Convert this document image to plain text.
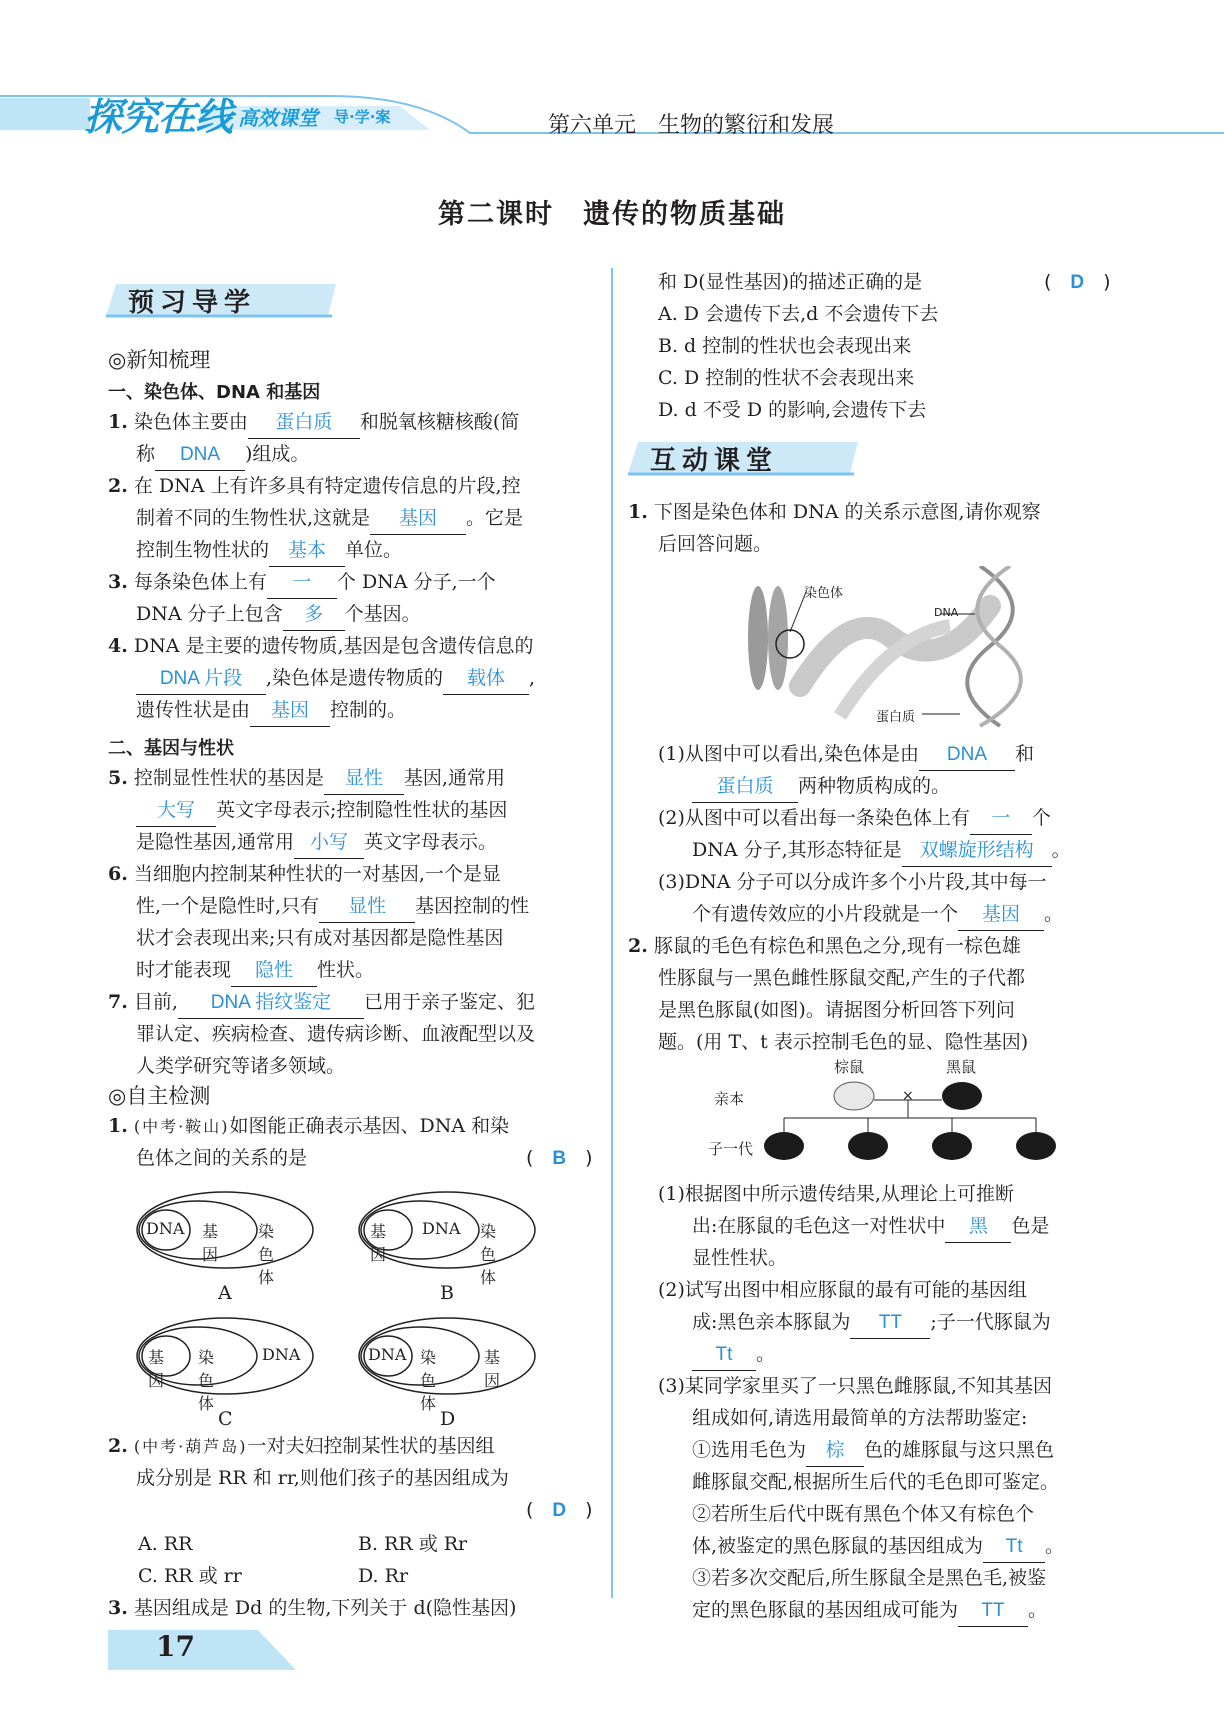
探究在线 高效课堂 导·学·案	第六单元　生物的繁衍和发展
第二课时　遗传的物质基础
预习导学
◎新知梳理
一、染色体、DNA 和基因
1. 染色体主要由 蛋白质 和脱氧核糖核酸(简
称 DNA )组成。
2. 在 DNA 上有许多具有特定遗传信息的片段,控
制着不同的生物性状,这就是 基因 。它是
控制生物性状的 基本 单位。
3. 每条染色体上有 一 个 DNA 分子,一个
DNA 分子上包含 多 个基因。
4. DNA 是主要的遗传物质,基因是包含遗传信息的
DNA 片段 ,染色体是遗传物质的 载体 ,
遗传性状是由 基因 控制的。
二、基因与性状
5. 控制显性性状的基因是 显性 基因,通常用
大写 英文字母表示;控制隐性性状的基因
是隐性基因,通常用 小写 英文字母表示。
6. 当细胞内控制某种性状的一对基因,一个是显
性,一个是隐性时,只有 显性 基因控制的性
状才会表现出来;只有成对基因都是隐性基因
时才能表现 隐性 性状。
7. 目前, DNA 指纹鉴定 已用于亲子鉴定、犯
罪认定、疾病检查、遗传病诊断、血液配型以及
人类学研究等诸多领域。
◎自主检测
1. (中考·鞍山)如图能正确表示基因、DNA 和染
色体之间的关系的是	(　B　)
DNA 基因
染色体
A
基因
DNA 染色体
B
基因
染色体
DNA
C
DNA 染色体
基因
D
2. (中考·葫芦岛)一对夫妇控制某性状的基因组
成分别是 RR 和 rr,则他们孩子的基因组成为
(　D　)
A. RR	B. RR 或 Rr
C. RR 或 rr	D. Rr
3. 基因组成是 Dd 的生物,下列关于 d(隐性基因)
和 D(显性基因)的描述正确的是	(　D　)
A. D 会遗传下去,d 不会遗传下去
B. d 控制的性状也会表现出来
C. D 控制的性状不会表现出来
D. d 不受 D 的影响,会遗传下去
互动课堂
1. 下图是染色体和 DNA 的关系示意图,请你观察
后回答问题。
染色体
DNA
蛋白质
(1)从图中可以看出,染色体是由 DNA 和
蛋白质 两种物质构成的。
(2)从图中可以看出每一条染色体上有 一 个
DNA 分子,其形态特征是 双螺旋形结构 。
(3)DNA 分子可以分成许多个小片段,其中每一
个有遗传效应的小片段就是一个 基因 。
2. 豚鼠的毛色有棕色和黑色之分,现有一棕色雄
性豚鼠与一黑色雌性豚鼠交配,产生的子代都
是黑色豚鼠(如图)。请据图分析回答下列问
题。(用 T、t 表示控制毛色的显、隐性基因)
棕鼠	黑鼠
亲本	×
子一代
(1)根据图中所示遗传结果,从理论上可推断
出:在豚鼠的毛色这一对性状中 黑 色是
显性性状。
(2)试写出图中相应豚鼠的最有可能的基因组
成:黑色亲本豚鼠为 TT ;子一代豚鼠为
Tt 。
(3)某同学家里买了一只黑色雌豚鼠,不知其基因
组成如何,请选用最简单的方法帮助鉴定:
①选用毛色为 棕 色的雄豚鼠与这只黑色
雌豚鼠交配,根据所生后代的毛色即可鉴定。
②若所生后代中既有黑色个体又有棕色个
体,被鉴定的黑色豚鼠的基因组成为 Tt 。
③若多次交配后,所生豚鼠全是黑色毛,被鉴
定的黑色豚鼠的基因组成可能为 TT 。
17
